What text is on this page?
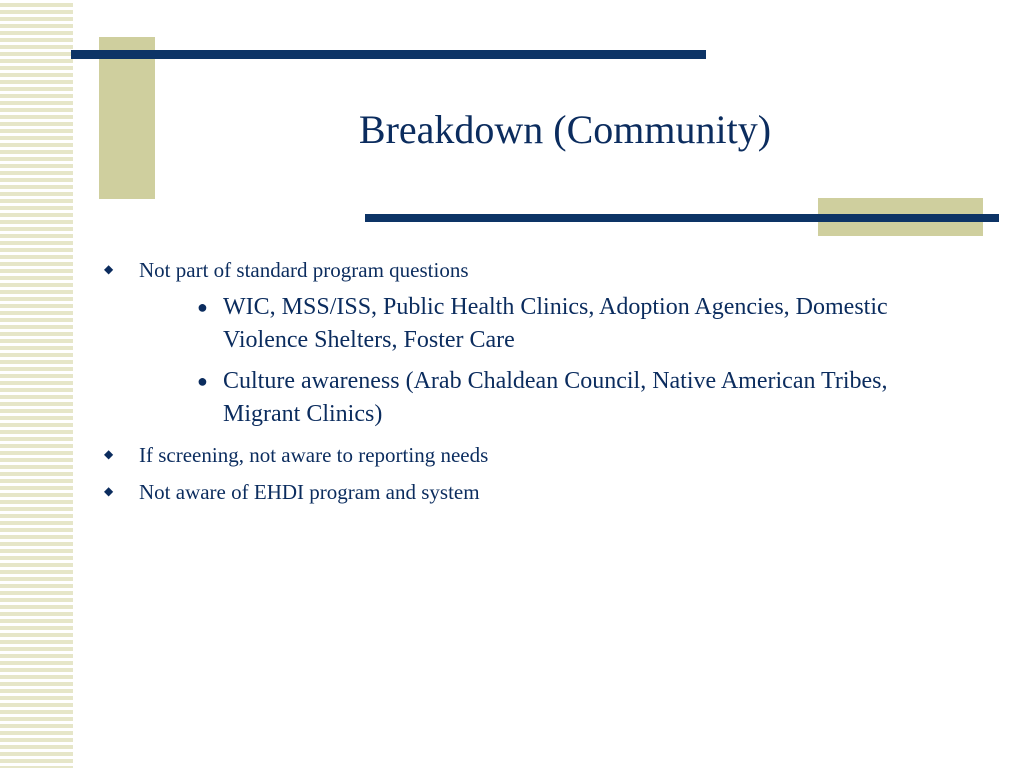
Breakdown (Community)
◆ Not part of standard program questions
● WIC, MSS/ISS, Public Health Clinics, Adoption Agencies, Domestic Violence Shelters, Foster Care
● Culture awareness (Arab Chaldean Council, Native American Tribes, Migrant Clinics)
◆ If screening, not aware to reporting needs
◆ Not aware of EHDI program and system
